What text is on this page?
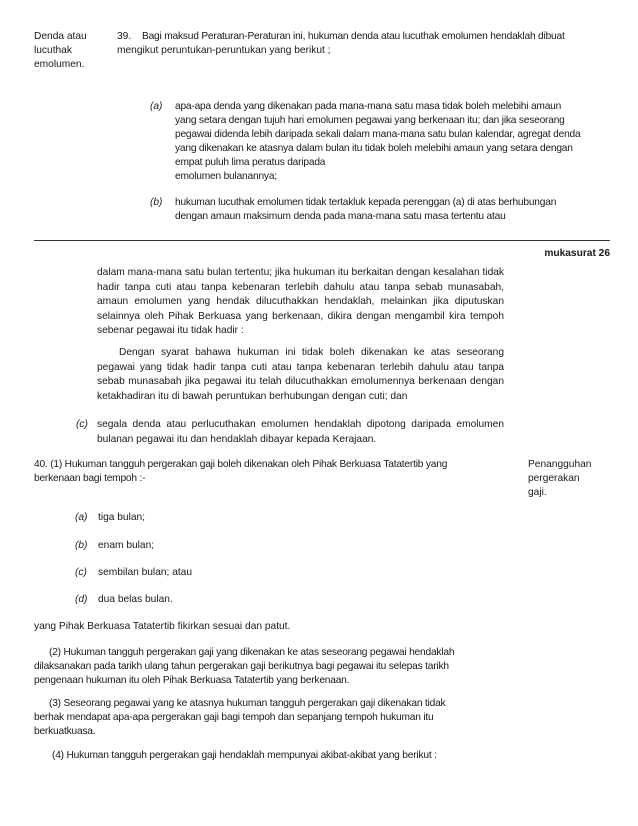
Denda atau
lucuthak
emolumen.
39. Bagi maksud Peraturan-Peraturan ini, hukuman denda atau lucuthak emolumen hendaklah dibuat
mengikut peruntukan-peruntukan yang berikut ;
(a) apa-apa denda yang dikenakan pada mana-mana satu masa tidak boleh melebihi amaun
yang setara dengan tujuh hari emolumen pegawai yang berkenaan itu; dan jika seseorang
pegawai didenda lebih daripada sekali dalam mana-mana satu bulan kalendar, agregat denda
yang dikenakan ke atasnya dalam bulan itu tidak boleh melebihi amaun yang setara dengan
empat puluh lima peratus daripada
emolumen bulanannya;
(b) hukuman lucuthak emolumen tidak tertakluk kepada perenggan (a) di atas berhubungan
dengan amaun maksimum denda pada mana-mana satu masa tertentu atau
mukasurat 26
dalam mana-mana satu bulan tertentu; jika hukuman itu berkaitan dengan kesalahan tidak hadir tanpa cuti atau tanpa kebenaran terlebih dahulu atau tanpa sebab munasabah, amaun emolumen yang hendak dilucuthakkan hendaklah, melainkan jika diputuskan selainnya oleh Pihak Berkuasa yang berkenaan, dikira dengan mengambil kira tempoh sebenar pegawai itu tidak hadir :
Dengan syarat bahawa hukuman ini tidak boleh dikenakan ke atas seseorang pegawai yang tidak hadir tanpa cuti atau tanpa kebenaran terlebih dahulu atau tanpa sebab munasabah jika pegawai itu telah dilucuthakkan emolumennya berkenaan dengan ketakhadiran itu di bawah peruntukan berhubungan dengan cuti; dan
(c) segala denda atau perlucuthakan emolumen hendaklah dipotong daripada emolumen bulanan pegawai itu dan hendaklah dibayar kepada Kerajaan.
40. (1) Hukuman tangguh pergerakan gaji boleh dikenakan oleh Pihak Berkuasa Tatatertib yang
berkenaan bagi tempoh :-
Penangguhan
pergerakan
gaji.
(a) tiga bulan;
(b) enam bulan;
(c) sembilan bulan; atau
(d) dua belas bulan.
yang Pihak Berkuasa Tatatertib fikirkan sesuai dan patut.
(2) Hukuman tangguh pergerakan gaji yang dikenakan ke atas seseorang pegawai hendaklah
dilaksanakan pada tarikh ulang tahun pergerakan gaji berikutnya bagi pegawai itu selepas tarikh
pengenaan hukuman itu oleh Pihak Berkuasa Tatatertib yang berkenaan.
(3) Seseorang pegawai yang ke atasnya hukuman tangguh pergerakan gaji dikenakan tidak
berhak mendapat apa-apa pergerakan gaji bagi tempoh dan sepanjang tempoh hukuman itu
berkuatkuasa.
(4) Hukuman tangguh pergerakan gaji hendaklah mempunyai akibat-akibat yang berikut :
